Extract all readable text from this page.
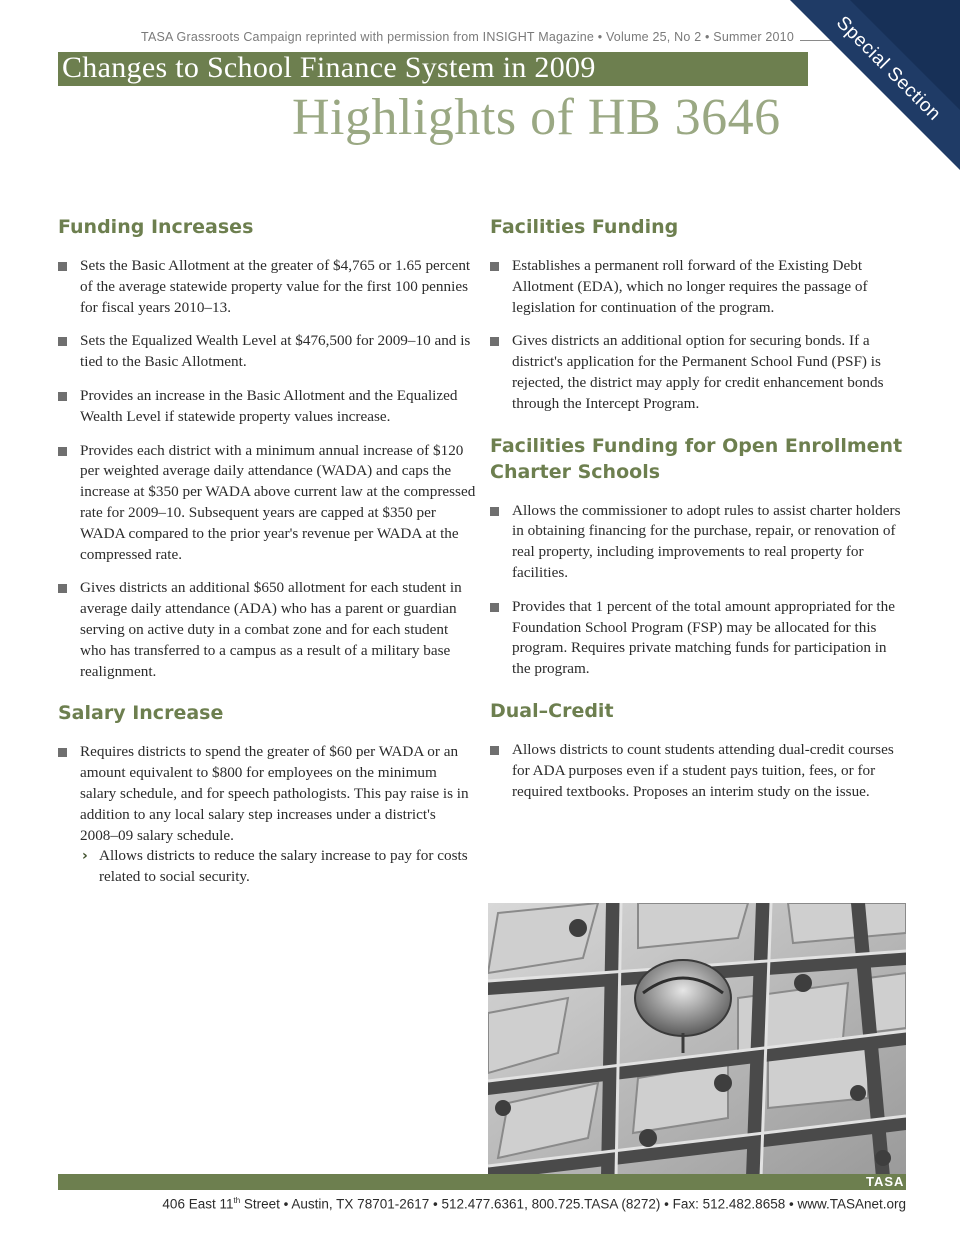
TASA Grassroots Campaign reprinted with permission from INSIGHT Magazine • Volume 25, No 2 • Summer 2010	Special Section
Changes to School Finance System in 2009
Highlights of HB 3646
Funding Increases
Sets the Basic Allotment at the greater of $4,765 or 1.65 percent of the average statewide property value for the first 100 pennies for fiscal years 2010–13.
Sets the Equalized Wealth Level at $476,500 for 2009–10 and is tied to the Basic Allotment.
Provides an increase in the Basic Allotment and the Equalized Wealth Level if statewide property values increase.
Provides each district with a minimum annual increase of $120 per weighted average daily attendance (WADA) and caps the increase at $350 per WADA above current law at the compressed rate for 2009–10. Subsequent years are capped at $350 per WADA compared to the prior year's revenue per WADA at the compressed rate.
Gives districts an additional $650 allotment for each student in average daily attendance (ADA) who has a parent or guardian serving on active duty in a combat zone and for each student who has transferred to a campus as a result of a military base realignment.
Salary Increase
Requires districts to spend the greater of $60 per WADA or an amount equivalent to $800 for employees on the minimum salary schedule, and for speech pathologists. This pay raise is in addition to any local salary step increases under a district's 2008–09 salary schedule.
› Allows districts to reduce the salary increase to pay for costs related to social security.
Facilities Funding
Establishes a permanent roll forward of the Existing Debt Allotment (EDA), which no longer requires the passage of legislation for continuation of the program.
Gives districts an additional option for securing bonds. If a district's application for the Permanent School Fund (PSF) is rejected, the district may apply for credit enhancement bonds through the Intercept Program.
Facilities Funding for Open Enrollment Charter Schools
Allows the commissioner to adopt rules to assist charter holders in obtaining financing for the purchase, repair, or renovation of real property, including improvements to real property for facilities.
Provides that 1 percent of the total amount appropriated for the Foundation School Program (FSP) may be allocated for this program. Requires private matching funds for participation in the program.
Dual–Credit
Allows districts to count students attending dual-credit courses for ADA purposes even if a student pays tuition, fees, or for required textbooks. Proposes an interim study on the issue.
TASA
406 East 11th Street • Austin, TX 78701-2617 • 512.477.6361, 800.725.TASA (8272) • Fax: 512.482.8658 • www.TASAnet.org
